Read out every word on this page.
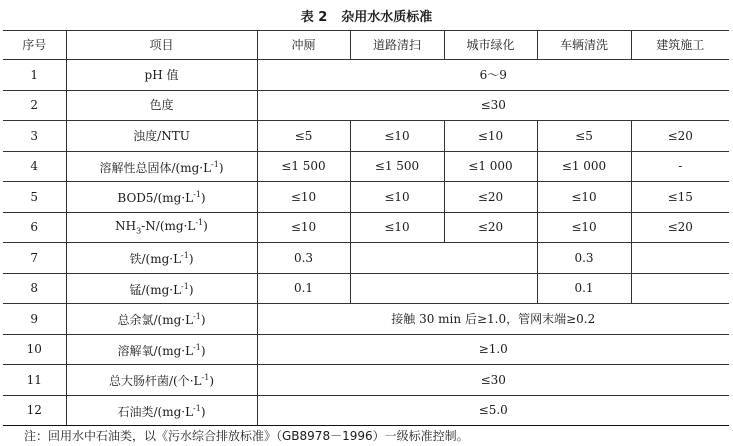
表 2 杂用水水质标准
序号	项目	冲厕	道路清扫	城市绿化	车辆清洗	建筑施工
1	pH 值	6～9				
2	色度	≤30				
3	浊度/NTU	≤5	≤10	≤10	≤5	≤20
4	溶解性总固体$/(mg\cdot L^{-1})$	≤1 500	≤1 500	≤1 000	≤1 000	-
5	$BOD5/(mg\cdot L^{-1})$	≤10	≤10	≤20	≤10	≤15
6	$NH_3-N/(mg\cdot L^{-1})$	≤10	≤10	≤20	≤10	≤20
7	铁$/(mg\cdot L^{-1})$	0.3			0.3	
8	锰$/(mg\cdot L^{-1})$	0.1			0.1	
9	总余氯$/(mg\cdot L^{-1})$	接触 30 min 后≥1.0，管网末端≥0.2				
10	溶解氧$/(mg\cdot L^{-1})$	≥1.0				
11	总大肠杆菌/(个$\cdot L^{-1}$)	≤30				
12	石油类$/(mg\cdot L^{-1})$	≤5.0				
注：回用水中石油类，以《污水综合排放标准》（GB8978－1996）一级标准控制。
